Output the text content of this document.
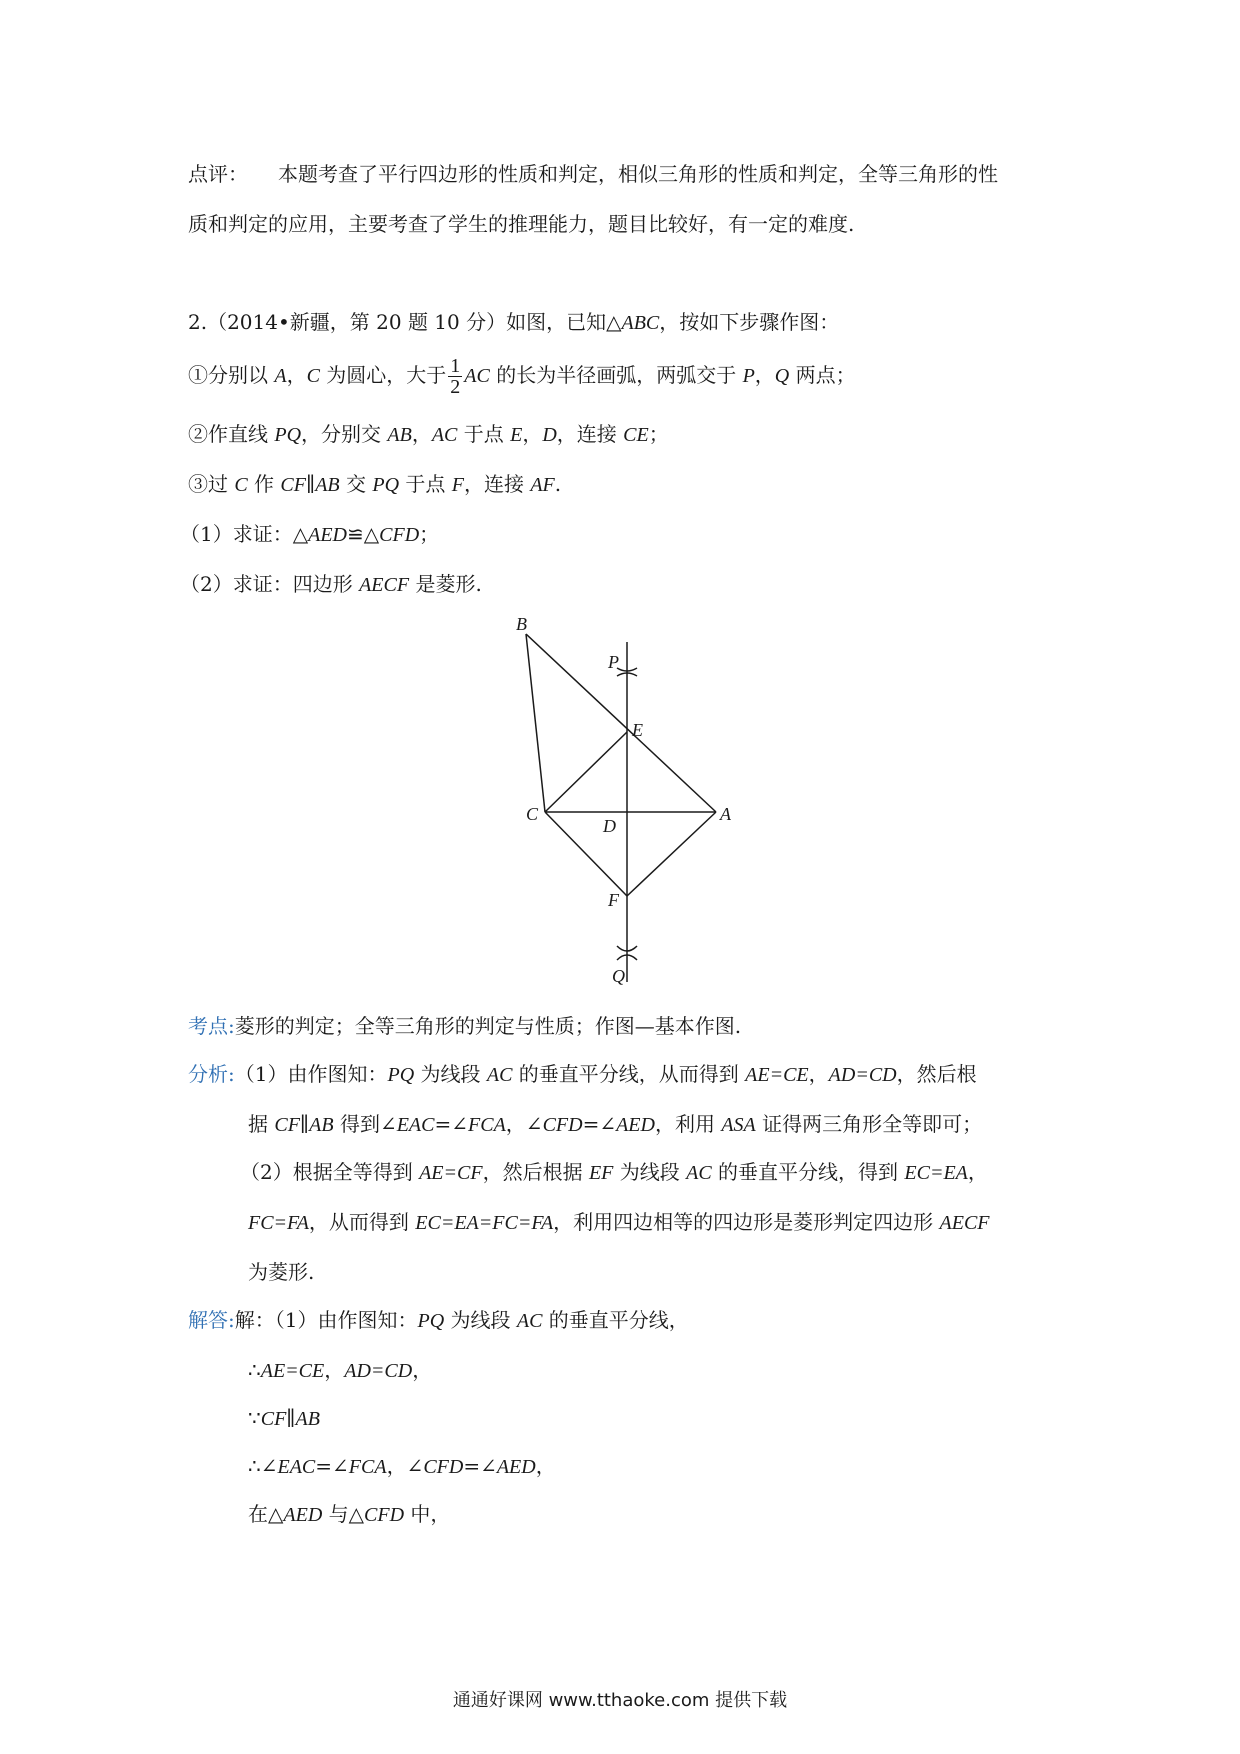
点评： 本题考查了平行四边形的性质和判定，相似三角形的性质和判定，全等三角形的性
质和判定的应用，主要考查了学生的推理能力，题目比较好，有一定的难度.
2.（2014•新疆，第 20 题 10 分）如图，已知△ABC，按如下步骤作图：
①分别以 A，C 为圆心，大于 $\frac{1}{2}$ AC 的长为半径画弧，两弧交于 P，Q 两点；
②作直线 PQ，分别交 AB，AC 于点 E，D，连接 CE；
③过 C 作 CF∥AB 交 PQ 于点 F，连接 AF.
（1）求证：△AED≌△CFD；
（2）求证：四边形 AECF 是菱形.
B
P
E
C
D
A
F
Q
考点:菱形的判定；全等三角形的判定与性质；作图—基本作图.
分析:（1）由作图知：PQ 为线段 AC 的垂直平分线，从而得到 AE=CE，AD=CD，然后根
据 CF∥AB 得到∠EAC=∠FCA，∠CFD=∠AED，利用 ASA 证得两三角形全等即可；
（2）根据全等得到 AE=CF，然后根据 EF 为线段 AC 的垂直平分线，得到 EC=EA，
FC=FA，从而得到 EC=EA=FC=FA，利用四边相等的四边形是菱形判定四边形 AECF
为菱形.
解答:解：（1）由作图知：PQ 为线段 AC 的垂直平分线，
∴AE=CE，AD=CD，
∵CF∥AB
∴∠EAC=∠FCA，∠CFD=∠AED，
在△AED 与△CFD 中，
通通好课网 www.tthaoke.com 提供下载
